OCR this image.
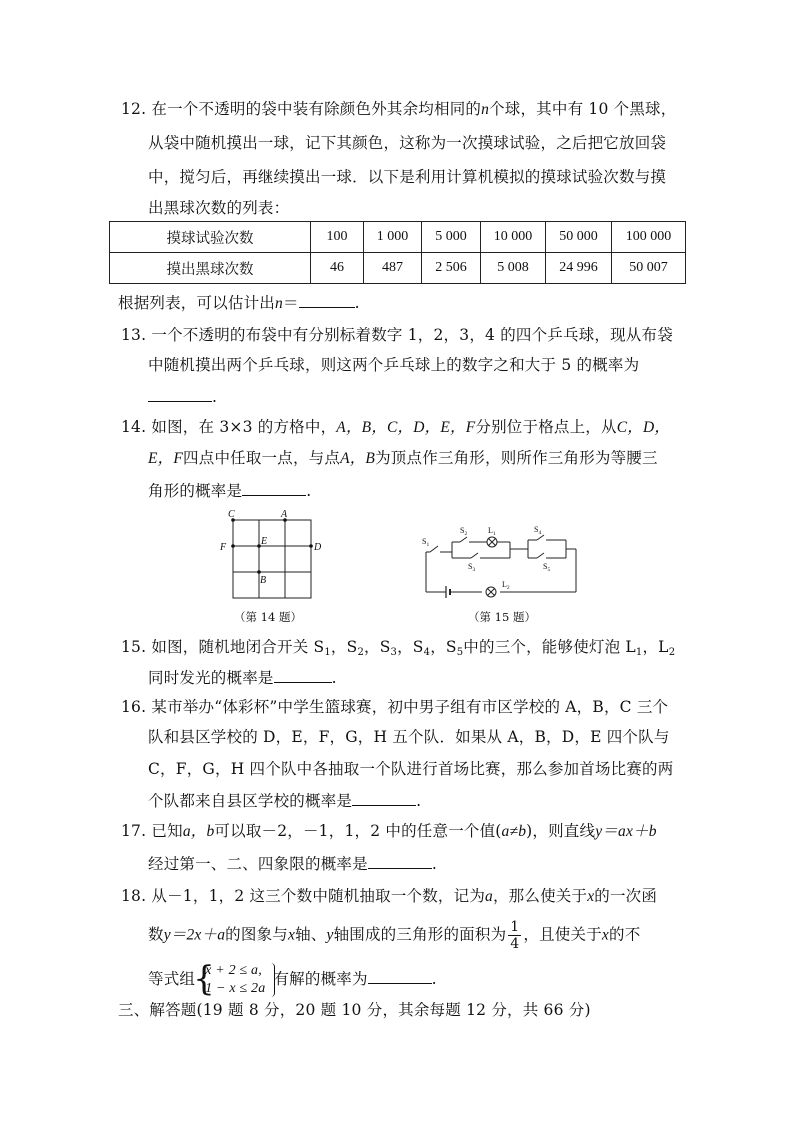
12. 在一个不透明的袋中装有除颜色外其余均相同的n个球，其中有 10 个黑球，
从袋中随机摸出一球，记下其颜色，这称为一次摸球试验，之后把它放回袋
中，搅匀后，再继续摸出一球．以下是利用计算机模拟的摸球试验次数与摸
出黑球次数的列表：
摸球试验次数	100	1 000	5 000	10 000	50 000	100 000
摸出黑球次数	46	487	2 506	5 008	24 996	50 007
根据列表，可以估计出n＝	.
13. 一个不透明的布袋中有分别标着数字 1，2，3，4 的四个乒乓球，现从布袋
中随机摸出两个乒乓球，则这两个乒乓球上的数字之和大于 5 的概率为
.
14. 如图，在 3×3 的方格中，A，B，C，D，E，F分别位于格点上，从C，D，
E，F四点中任取一点，与点A，B为顶点作三角形，则所作三角形为等腰三
角形的概率是	.
C	A
F
E
D
B
（第 14 题）
$S_1$
$S_2$	$L_1$
$S_3$
$S_4$
$S_5$
$L_2$
（第 15 题）
15. 如图，随机地闭合开关 $S_1$，$S_2$，$S_3$，$S_4$，$S_5$中的三个，能够使灯泡 $L_1$，$L_2$
同时发光的概率是	.
16. 某市举办“体彩杯”中学生篮球赛，初中男子组有市区学校的 A，B，C 三个
队和县区学校的 D，E，F，G，H 五个队．如果从 A，B，D，E 四个队与
C，F，G，H 四个队中各抽取一个队进行首场比赛，那么参加首场比赛的两
个队都来自县区学校的概率是	.
17. 已知a，b可以取－2，－1，1，2 中的任意一个值(a≠b)，则直线y＝ax＋b
经过第一、二、四象限的概率是	.
18. 从－1，1，2 这三个数中随机抽取一个数，记为a，那么使关于x的一次函
数y＝2x＋a的图象与x轴、y轴围成的三角形的面积为 $\frac{1}{4}$ ，且使关于x的不
等式组
{
x + 2 ≤ a,
1 − x ≤ 2a
有解的概率为	.
三、解答题(19 题 8 分，20 题 10 分，其余每题 12 分，共 66 分)
